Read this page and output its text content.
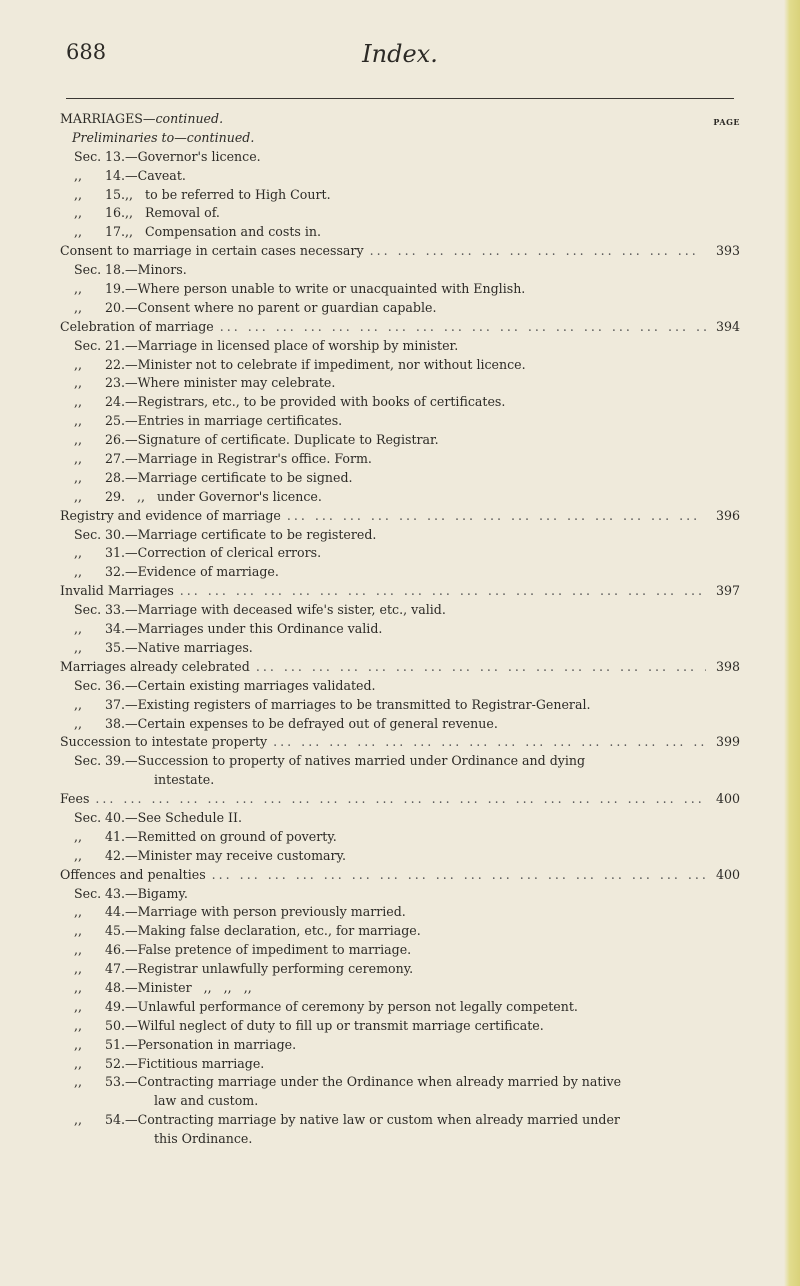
688	Index.
MARRIAGES—continued.	PAGE
Preliminaries to—continued.
Sec. 13.—Governor's licence.
,, 14.—Caveat.
,, 15.,,   to be referred to High Court.
,, 16.,,   Removal of.
,, 17.,,   Compensation and costs in.
Consent to marriage in certain cases necessary ... .	393
Sec. 18.—Minors.
,, 19.—Where person unable to write or unacquainted with English.
,, 20.—Consent where no parent or guardian capable.
Celebration of marriage ... .	394
Sec. 21.—Marriage in licensed place of worship by minister.
,, 22.—Minister not to celebrate if impediment, nor without licence.
,, 23.—Where minister may celebrate.
,, 24.—Registrars, etc., to be provided with books of certificates.
,, 25.—Entries in marriage certificates.
,, 26.—Signature of certificate. Duplicate to Registrar.
,, 27.—Marriage in Registrar's office. Form.
,, 28.—Marriage certificate to be signed.
,, 29.   ,,   under Governor's licence.
Registry and evidence of marriage ... .	396
Sec. 30.—Marriage certificate to be registered.
,, 31.—Correction of clerical errors.
,, 32.—Evidence of marriage.
Invalid Marriages ... .	397
Sec. 33.—Marriage with deceased wife's sister, etc., valid.
,, 34.—Marriages under this Ordinance valid.
,, 35.—Native marriages.
Marriages already celebrated ... .	398
Sec. 36.—Certain existing marriages validated.
,, 37.—Existing registers of marriages to be transmitted to Registrar-General.
,, 38.—Certain expenses to be defrayed out of general revenue.
Succession to intestate property ... .	399
Sec. 39.—Succession to property of natives married under Ordinance and dying
intestate.
Fees ... .	400
Sec. 40.—See Schedule II.
,, 41.—Remitted on ground of poverty.
,, 42.—Minister may receive customary.
Offences and penalties ... .	400
Sec. 43.—Bigamy.
,, 44.—Marriage with person previously married.
,, 45.—Making false declaration, etc., for marriage.
,, 46.—False pretence of impediment to marriage.
,, 47.—Registrar unlawfully performing ceremony.
,, 48.—Minister   ,,   ,,   ,,
,, 49.—Unlawful performance of ceremony by person not legally competent.
,, 50.—Wilful neglect of duty to fill up or transmit marriage certificate.
,, 51.—Personation in marriage.
,, 52.—Fictitious marriage.
,, 53.—Contracting marriage under the Ordinance when already married by native
law and custom.
,, 54.—Contracting marriage by native law or custom when already married under
this Ordinance.
